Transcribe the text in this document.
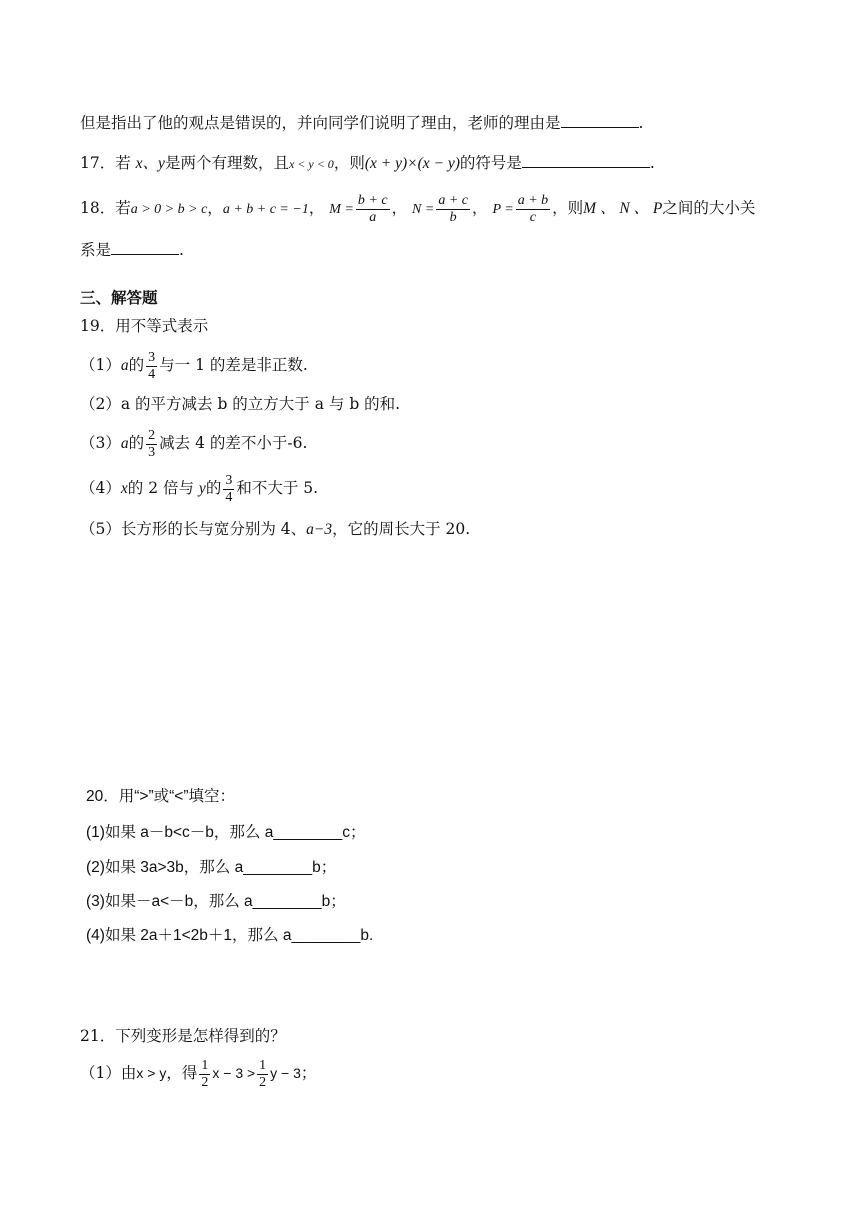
但是指出了他的观点是错误的，并向同学们说明了理由，老师的理由是	.
17．若 x、y是两个有理数，且x < y < 0，则(x + y)×(x − y)的符号是	.
18．若a > 0 > b > c，a + b + c = −1， $M = \frac{b + c}{a}$ ， $N = \frac{a + c}{b}$ ， $P = \frac{a + b}{c}$ ，则M 、 N 、 P之间的大小关
系是	.
三、解答题
19．用不等式表示
（1）a的 $\frac{3}{4}$ 与一 1 的差是非正数.
（2）a 的平方减去 b 的立方大于 a 与 b 的和.
（3）a的 $\frac{2}{3}$ 减去 4 的差不小于-6.
（4）x的 2 倍与 y的 $\frac{3}{4}$ 和不大于 5.
（5）长方形的长与宽分别为 4、a−3，它的周长大于 20.
20．用“>”或“<”填空：
(1)如果 a－b<c－b，那么 a________c；
(2)如果 3a>3b，那么 a________b；
(3)如果－a<－b，那么 a________b；
(4)如果 2a＋1<2b＋1，那么 a________b.
21．下列变形是怎样得到的？
（1）由x > y，得 $\frac{1}{2}$ $x - 3 > \frac{1}{2}$ y − 3；
